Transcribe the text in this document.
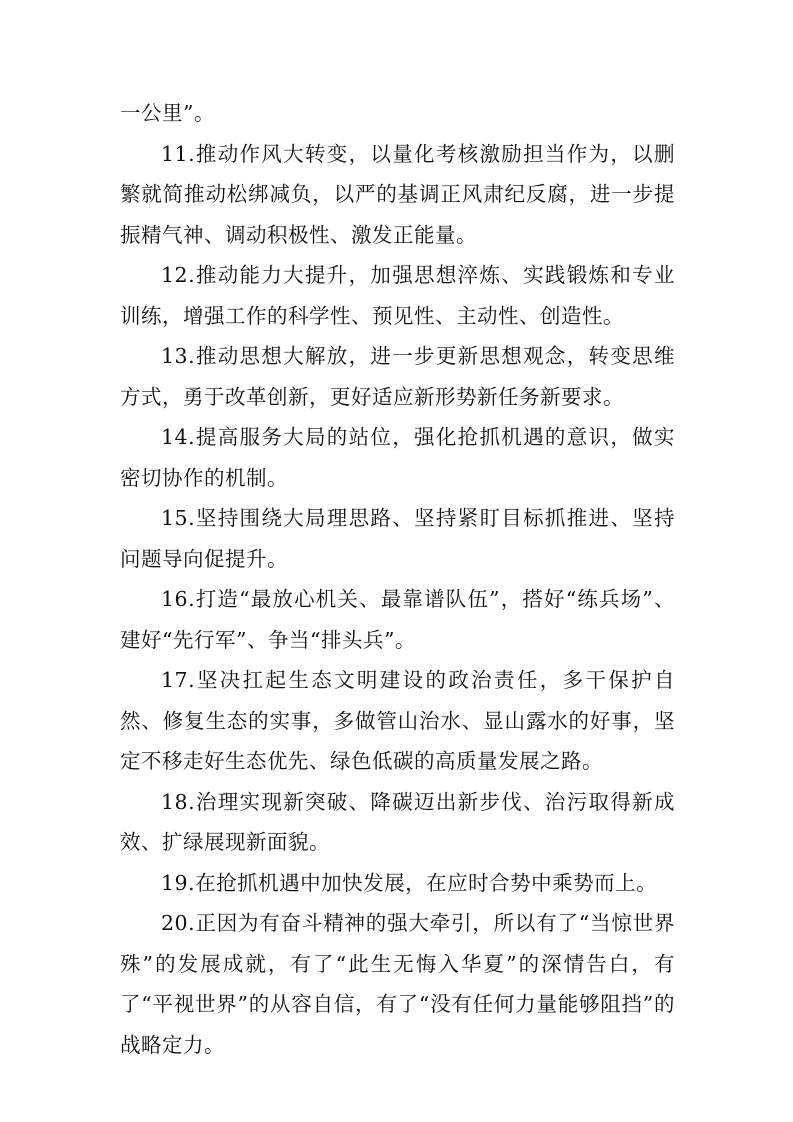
一公里”。

11.推动作风大转变，以量化考核激励担当作为，以删繁就简推动松绑减负，以严的基调正风肃纪反腐，进一步提振精气神、调动积极性、激发正能量。

12.推动能力大提升，加强思想淬炼、实践锻炼和专业训练，增强工作的科学性、预见性、主动性、创造性。

13.推动思想大解放，进一步更新思想观念，转变思维方式，勇于改革创新，更好适应新形势新任务新要求。

14.提高服务大局的站位，强化抢抓机遇的意识，做实密切协作的机制。

15.坚持围绕大局理思路、坚持紧盯目标抓推进、坚持问题导向促提升。

16.打造“最放心机关、最靠谱队伍”，搭好“练兵场”、建好“先行军”、争当“排头兵”。

17.坚决扛起生态文明建设的政治责任，多干保护自然、修复生态的实事，多做管山治水、显山露水的好事，坚定不移走好生态优先、绿色低碳的高质量发展之路。

18.治理实现新突破、降碳迈出新步伐、治污取得新成效、扩绿展现新面貌。

19.在抢抓机遇中加快发展，在应时合势中乘势而上。

20.正因为有奋斗精神的强大牵引，所以有了“当惊世界殊”的发展成就，有了“此生无悔入华夏”的深情告白，有了“平视世界”的从容自信，有了“没有任何力量能够阻挡”的战略定力。
